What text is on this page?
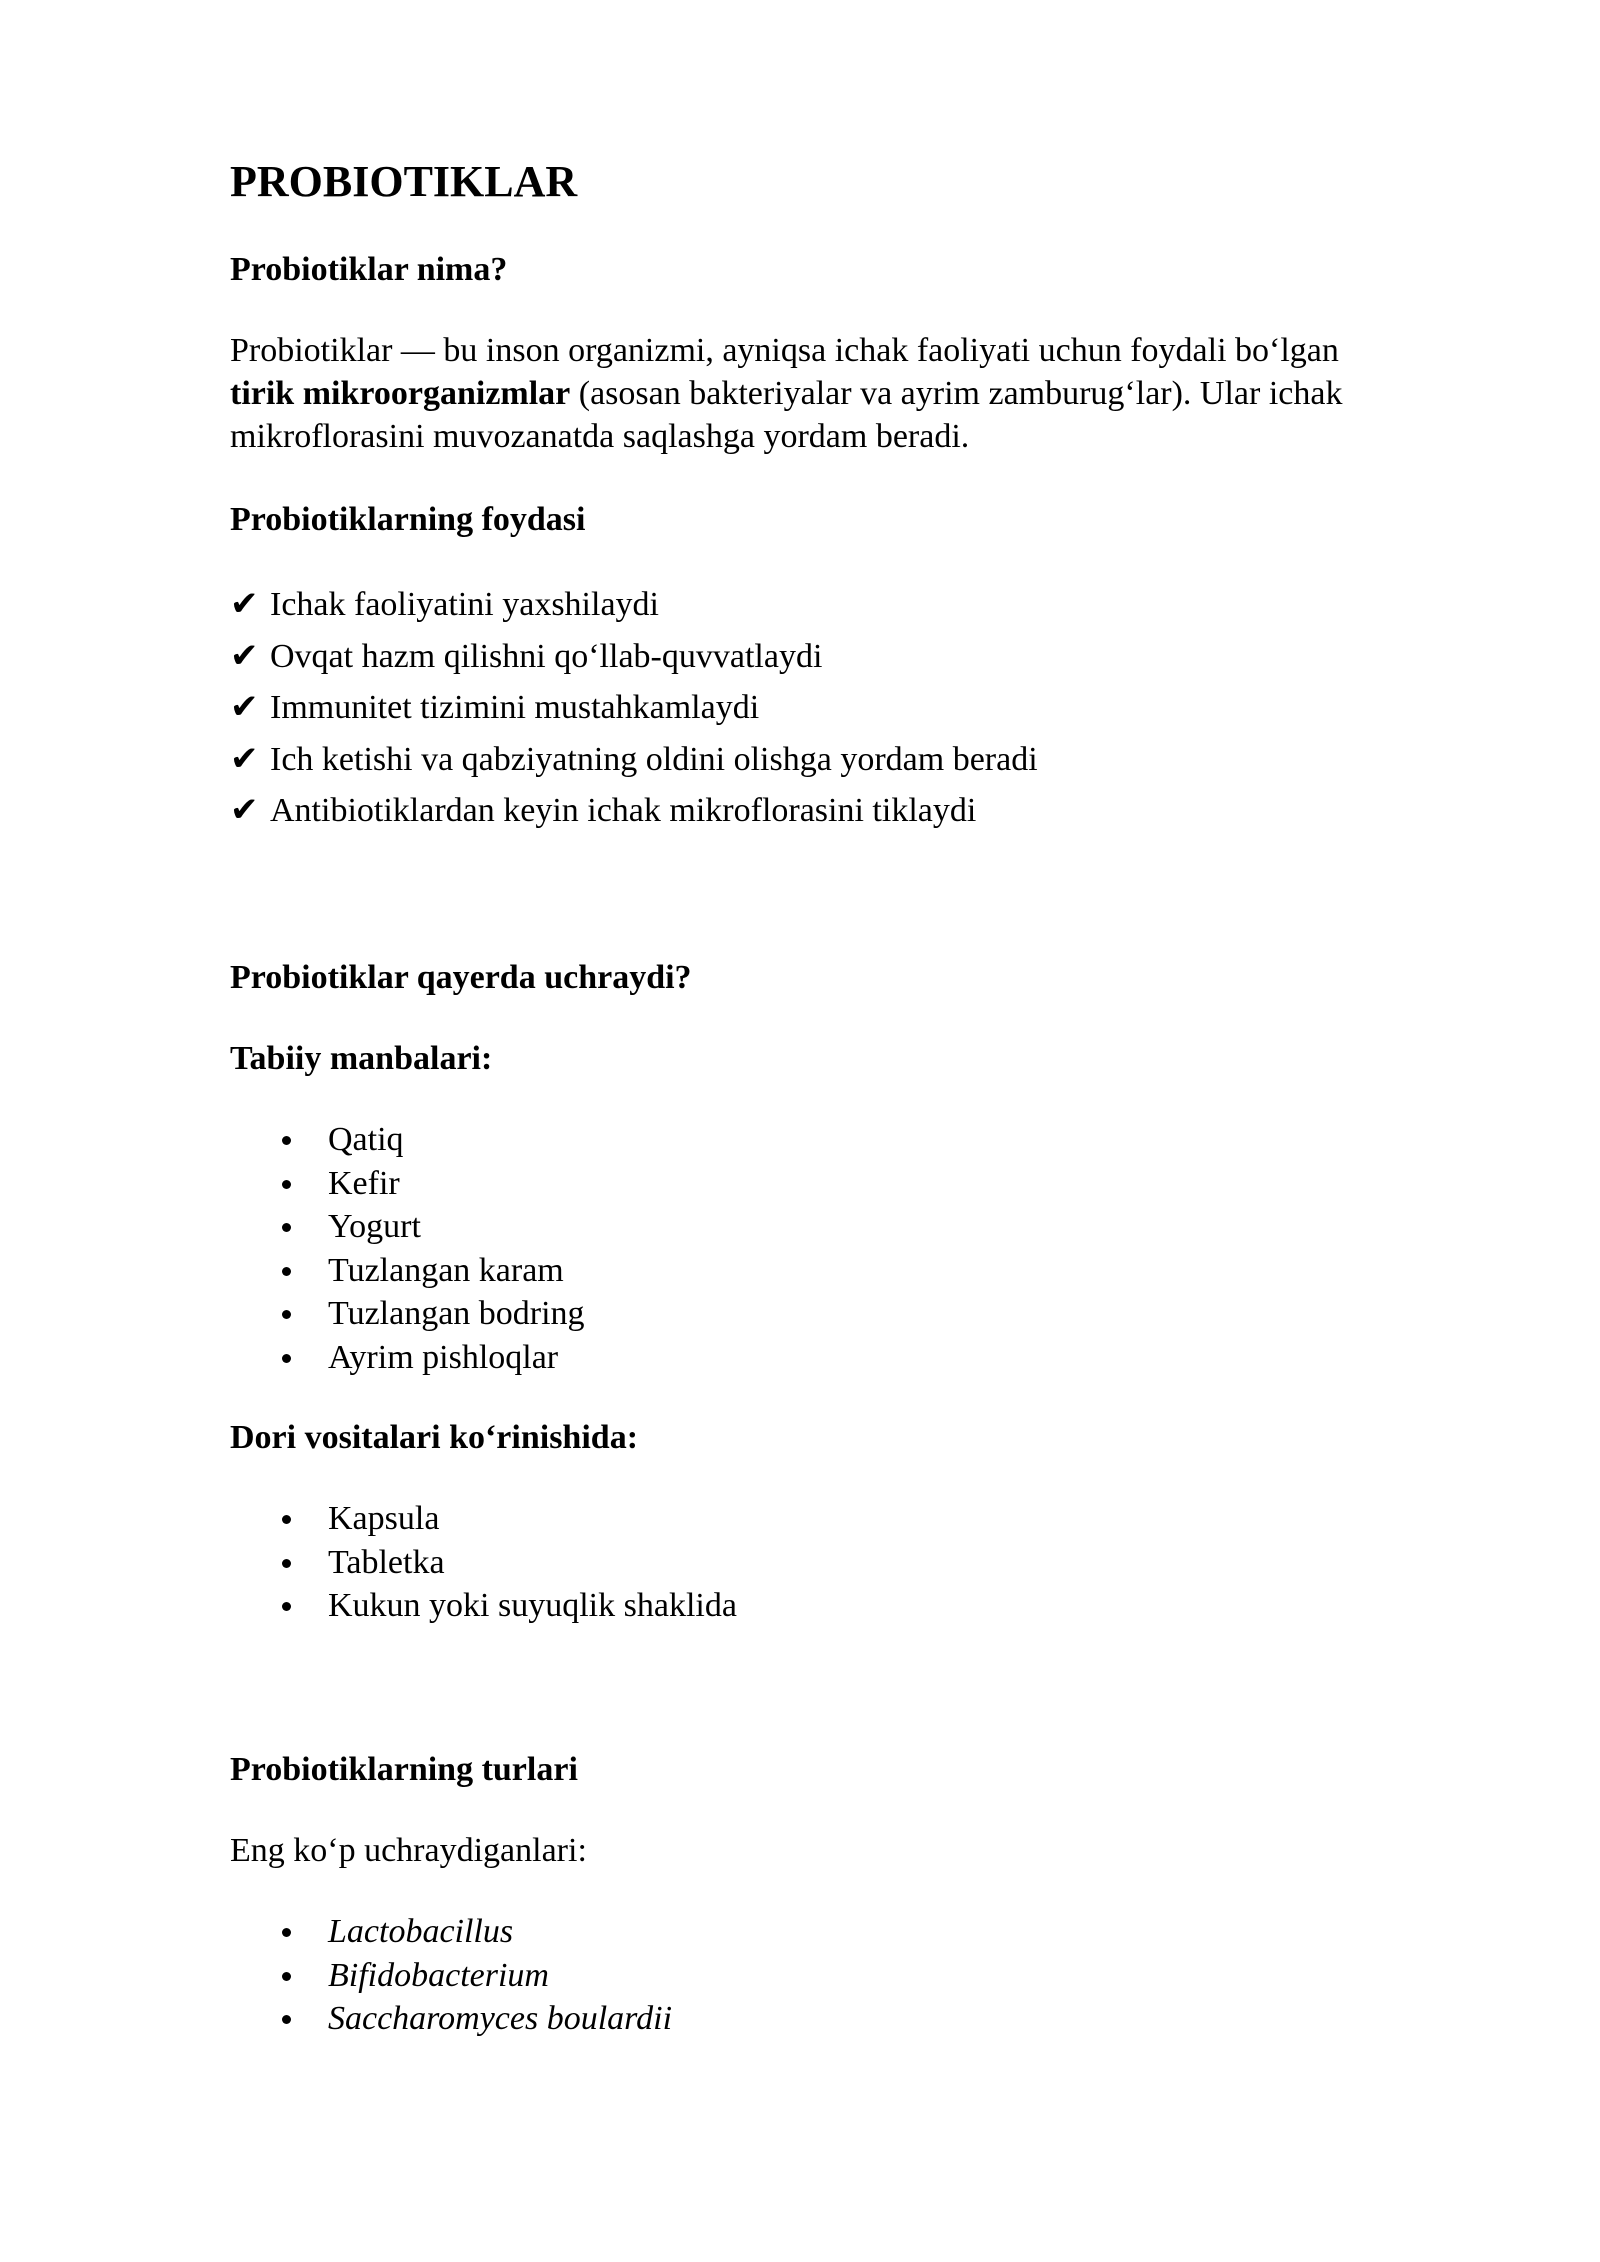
PROBIOTIKLAR
Probiotiklar nima?

Probiotiklar — bu inson organizmi, ayniqsa ichak faoliyati uchun foydali bo‘lgan
tirik mikroorganizmlar (asosan bakteriyalar va ayrim zamburug‘lar). Ular ichak
mikroflorasini muvozanatda saqlashga yordam beradi.

Probiotiklarning foydasi
✔ Ichak faoliyatini yaxshilaydi
✔ Ovqat hazm qilishni qo‘llab-quvvatlaydi
✔ Immunitet tizimini mustahkamlaydi
✔ Ich ketishi va qabziyatning oldini olishga yordam beradi
✔ Antibiotiklardan keyin ichak mikroflorasini tiklaydi
Probiotiklar qayerda uchraydi?
Tabiiy manbalari:
Qatiq
Kefir
Yogurt
Tuzlangan karam
Tuzlangan bodring
Ayrim pishloqlar
Dori vositalari ko‘rinishida:
Kapsula
Tabletka
Kukun yoki suyuqlik shaklida
Probiotiklarning turlari

Eng ko‘p uchraydiganlari:

Lactobacillus
Bifidobacterium
Saccharomyces boulardii
